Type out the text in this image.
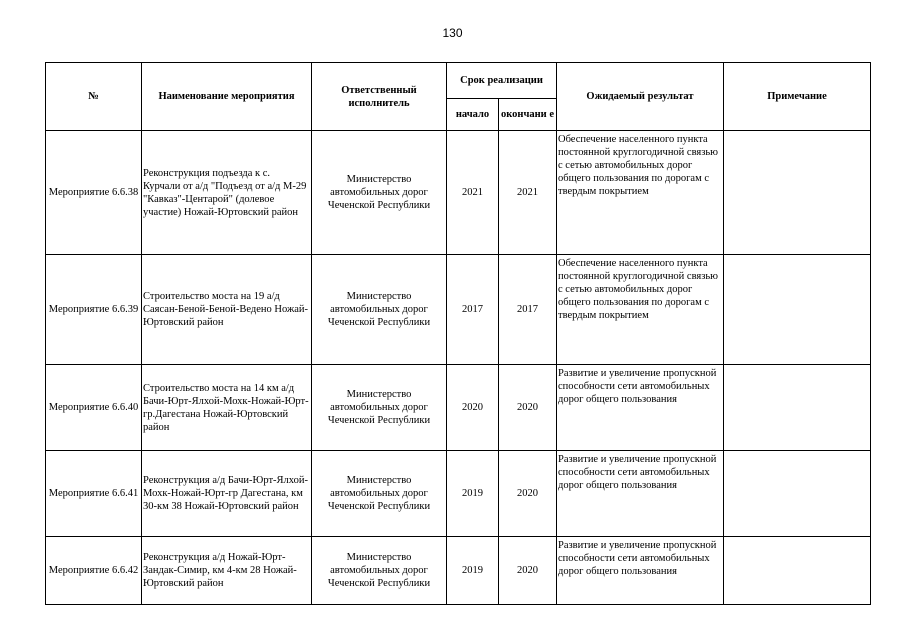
130
№	Наименование мероприятия	Ответственный исполнитель	Срок реализации		Ожидаемый результат	Примечание
			начало	окончани е		
Мероприятие 6.6.38	Реконструкция подъезда к с. Курчали от а/д "Подъезд от а/д М-29 "Кавказ"-Центарой" (долевое участие) Ножай-Юртовский район	Министерство автомобильных дорог Чеченской Республики	2021	2021	Обеспечение населенного пункта постоянной круглогодичной связью с сетью автомобильных дорог общего пользования по дорогам с твердым покрытием	
Мероприятие 6.6.39	Строительство моста на 19 а/д Саясан-Беной-Беной-Ведено Ножай-Юртовский район	Министерство автомобильных дорог Чеченской Республики	2017	2017	Обеспечение населенного пункта постоянной круглогодичной связью с сетью автомобильных дорог общего пользования по дорогам с твердым покрытием	
Мероприятие 6.6.40	Строительство моста на 14 км а/д Бачи-Юрт-Ялхой-Мохк-Ножай-Юрт-гр.Дагестана Ножай-Юртовский район	Министерство автомобильных дорог Чеченской Республики	2020	2020	Развитие и увеличение пропускной способности сети автомобильных дорог общего пользования	
Мероприятие 6.6.41	Реконструкция а/д Бачи-Юрт-Ялхой-Мохк-Ножай-Юрт-гр Дагестана, км 30-км 38 Ножай-Юртовский район	Министерство автомобильных дорог Чеченской Республики	2019	2020	Развитие и увеличение пропускной способности сети автомобильных дорог общего пользования	
Мероприятие 6.6.42	Реконструкция а/д Ножай-Юрт-Зандак-Симир, км 4-км 28 Ножай-Юртовский район	Министерство автомобильных дорог Чеченской Республики	2019	2020	Развитие и увеличение пропускной способности сети автомобильных дорог общего пользования	
